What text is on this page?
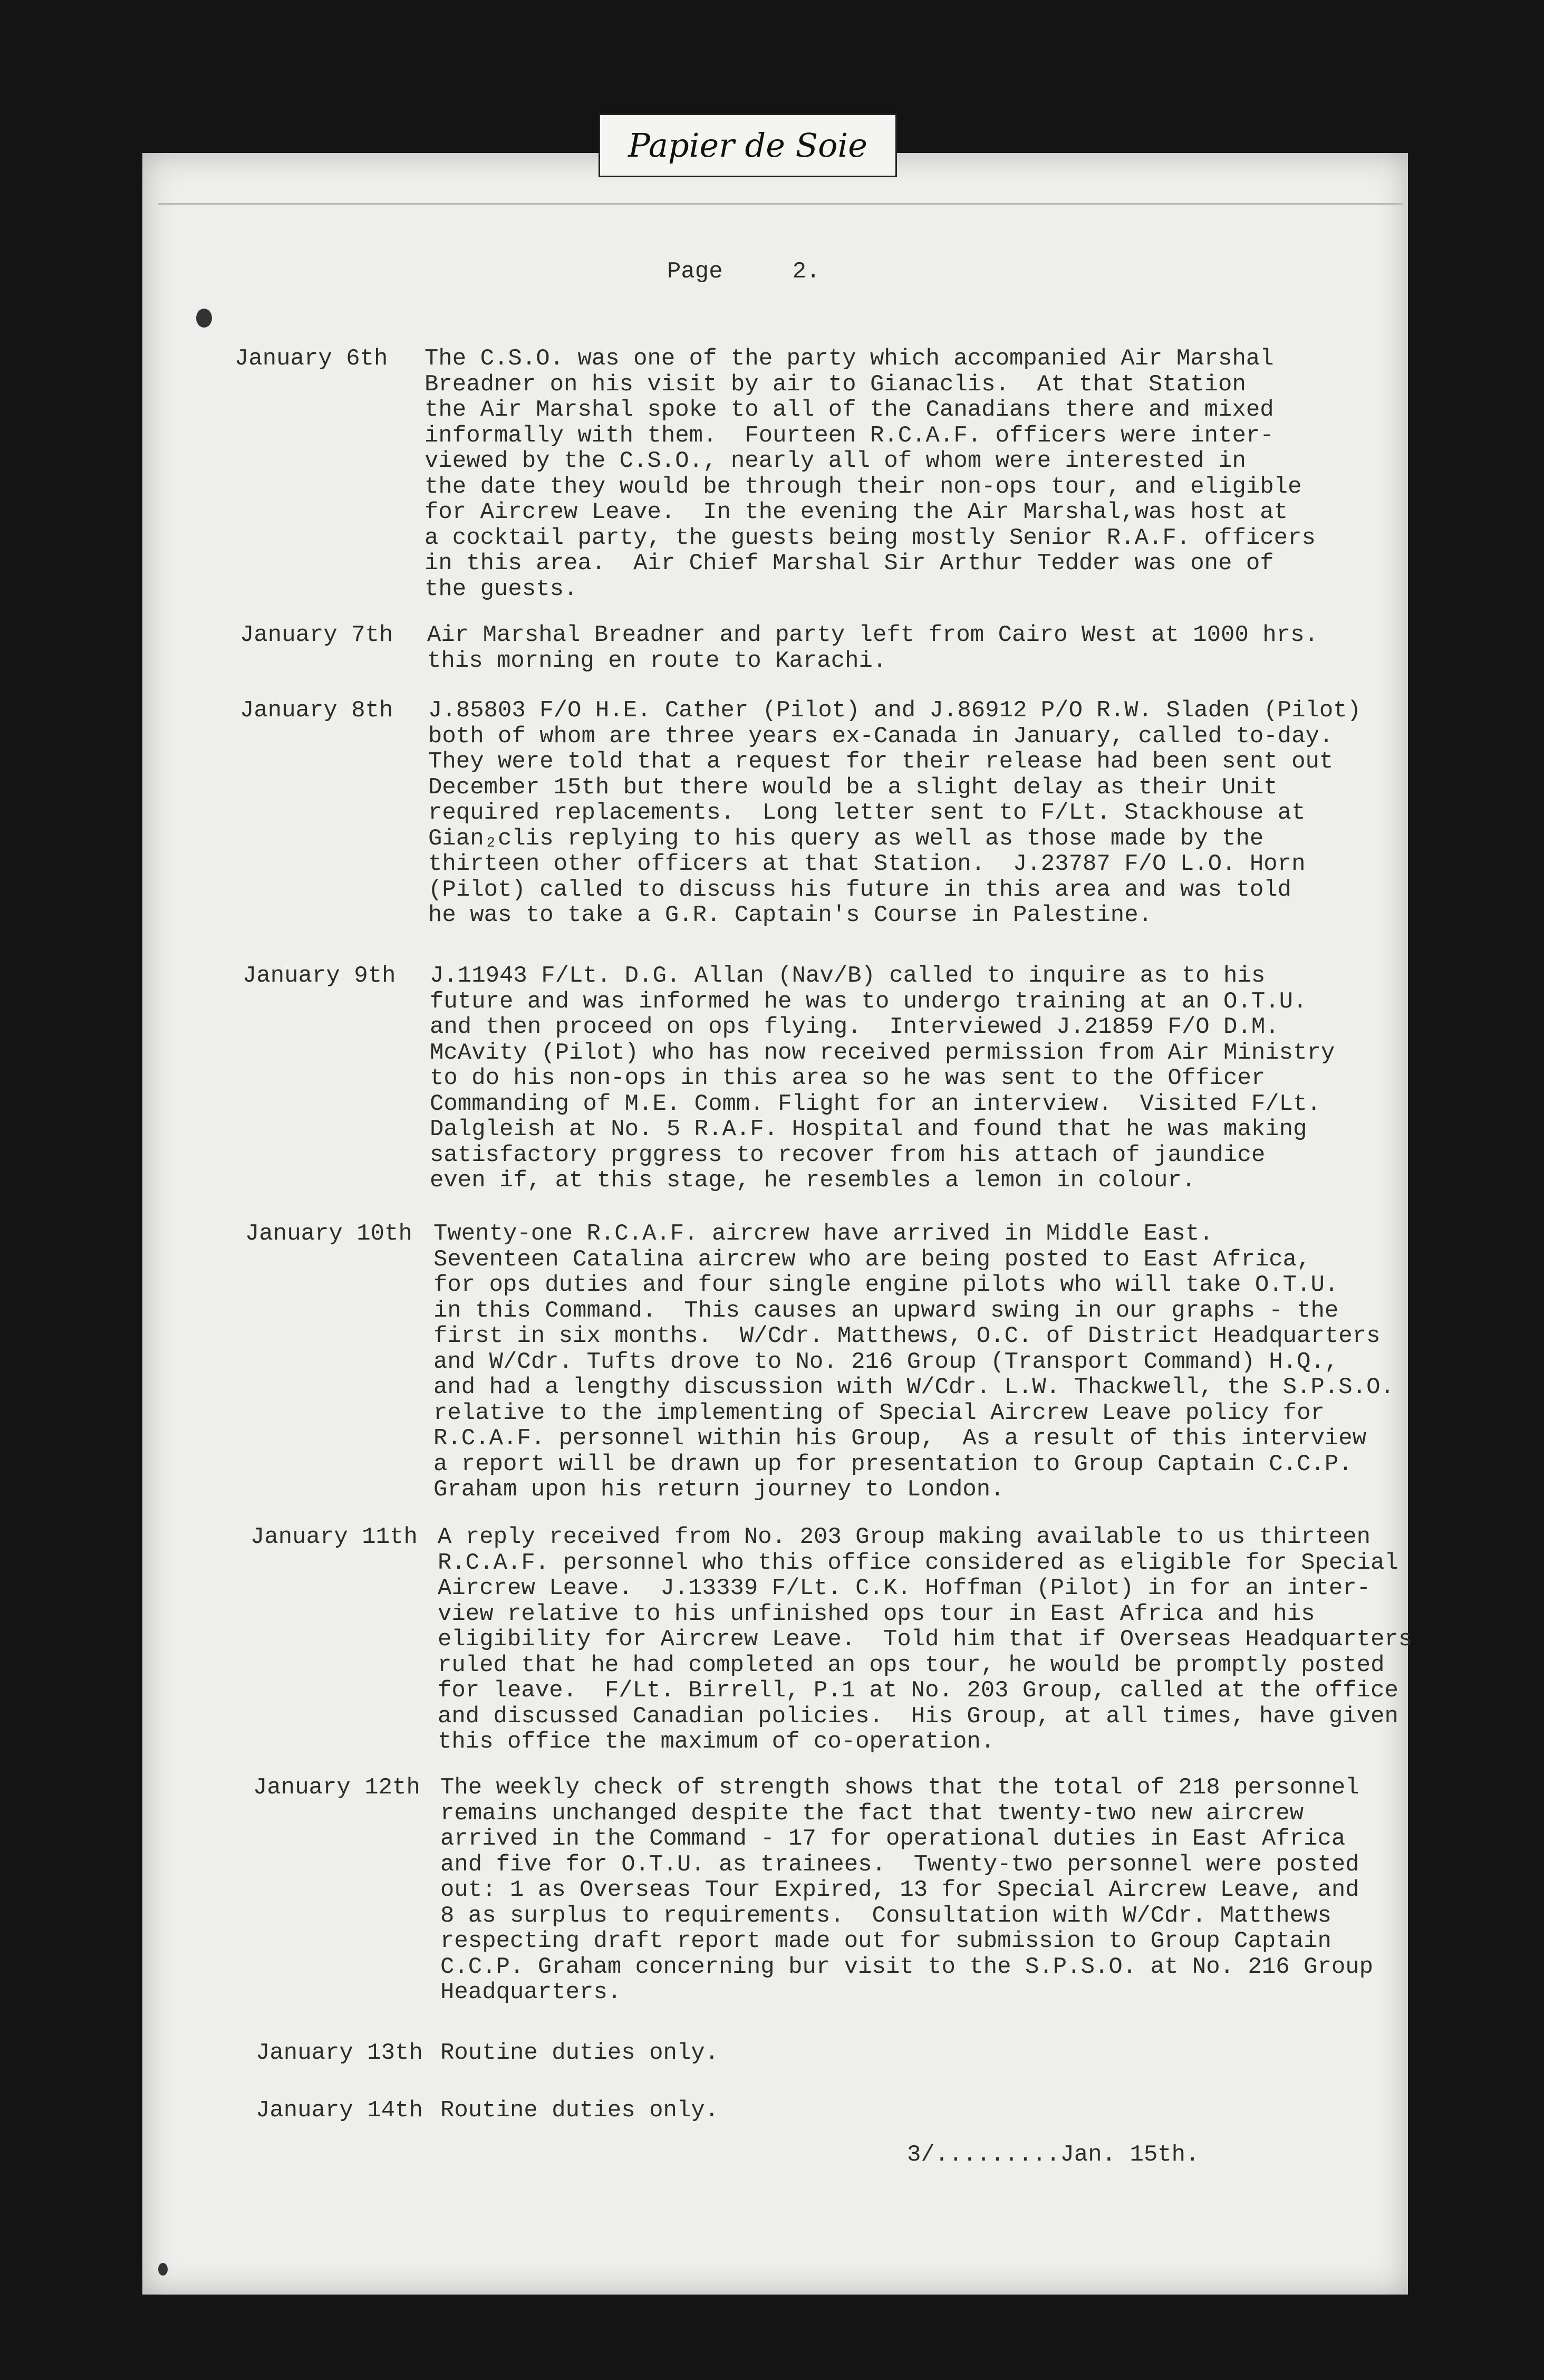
Papier de Soie
Page     2.
January 6th The C.S.O. was one of the party which accompanied Air Marshal
Breadner on his visit by air to Gianaclis.  At that Station
the Air Marshal spoke to all of the Canadians there and mixed
informally with them.  Fourteen R.C.A.F. officers were inter-
viewed by the C.S.O., nearly all of whom were interested in
the date they would be through their non-ops tour, and eligible
for Aircrew Leave.  In the evening the Air Marshal,was host at
a cocktail party, the guests being mostly Senior R.A.F. officers
in this area.  Air Chief Marshal Sir Arthur Tedder was one of
the guests.
January 7th Air Marshal Breadner and party left from Cairo West at 1000 hrs.
this morning en route to Karachi.
January 8th J.85803 F/O H.E. Cather (Pilot) and J.86912 P/O R.W. Sladen (Pilot)
both of whom are three years ex-Canada in January, called to-day.
They were told that a request for their release had been sent out
December 15th but there would be a slight delay as their Unit
required replacements.  Long letter sent to F/Lt. Stackhouse at
Gian₂clis replying to his query as well as those made by the
thirteen other officers at that Station.  J.23787 F/O L.O. Horn
(Pilot) called to discuss his future in this area and was told
he was to take a G.R. Captain's Course in Palestine.
January 9th J.11943 F/Lt. D.G. Allan (Nav/B) called to inquire as to his
future and was informed he was to undergo training at an O.T.U.
and then proceed on ops flying.  Interviewed J.21859 F/O D.M.
McAvity (Pilot) who has now received permission from Air Ministry
to do his non-ops in this area so he was sent to the Officer
Commanding of M.E. Comm. Flight for an interview.  Visited F/Lt.
Dalgleish at No. 5 R.A.F. Hospital and found that he was making
satisfactory prggress to recover from his attach of jaundice
even if, at this stage, he resembles a lemon in colour.
January 10th Twenty-one R.C.A.F. aircrew have arrived in Middle East.
Seventeen Catalina aircrew who are being posted to East Africa,
for ops duties and four single engine pilots who will take O.T.U.
in this Command.  This causes an upward swing in our graphs - the
first in six months.  W/Cdr. Matthews, O.C. of District Headquarters
and W/Cdr. Tufts drove to No. 216 Group (Transport Command) H.Q.,
and had a lengthy discussion with W/Cdr. L.W. Thackwell, the S.P.S.O.
relative to the implementing of Special Aircrew Leave policy for
R.C.A.F. personnel within his Group,  As a result of this interview
a report will be drawn up for presentation to Group Captain C.C.P.
Graham upon his return journey to London.
January 11th A reply received from No. 203 Group making available to us thirteen
R.C.A.F. personnel who this office considered as eligible for Special
Aircrew Leave.  J.13339 F/Lt. C.K. Hoffman (Pilot) in for an inter-
view relative to his unfinished ops tour in East Africa and his
eligibility for Aircrew Leave.  Told him that if Overseas Headquarters
ruled that he had completed an ops tour, he would be promptly posted
for leave.  F/Lt. Birrell, P.1 at No. 203 Group, called at the office
and discussed Canadian policies.  His Group, at all times, have given
this office the maximum of co-operation.
January 12th The weekly check of strength shows that the total of 218 personnel
remains unchanged despite the fact that twenty-two new aircrew
arrived in the Command - 17 for operational duties in East Africa
and five for O.T.U. as trainees.  Twenty-two personnel were posted
out: 1 as Overseas Tour Expired, 13 for Special Aircrew Leave, and
8 as surplus to requirements.  Consultation with W/Cdr. Matthews
respecting draft report made out for submission to Group Captain
C.C.P. Graham concerning bur visit to the S.P.S.O. at No. 216 Group
Headquarters.
January 13th Routine duties only.
January 14th Routine duties only.
3/.........Jan. 15th.
